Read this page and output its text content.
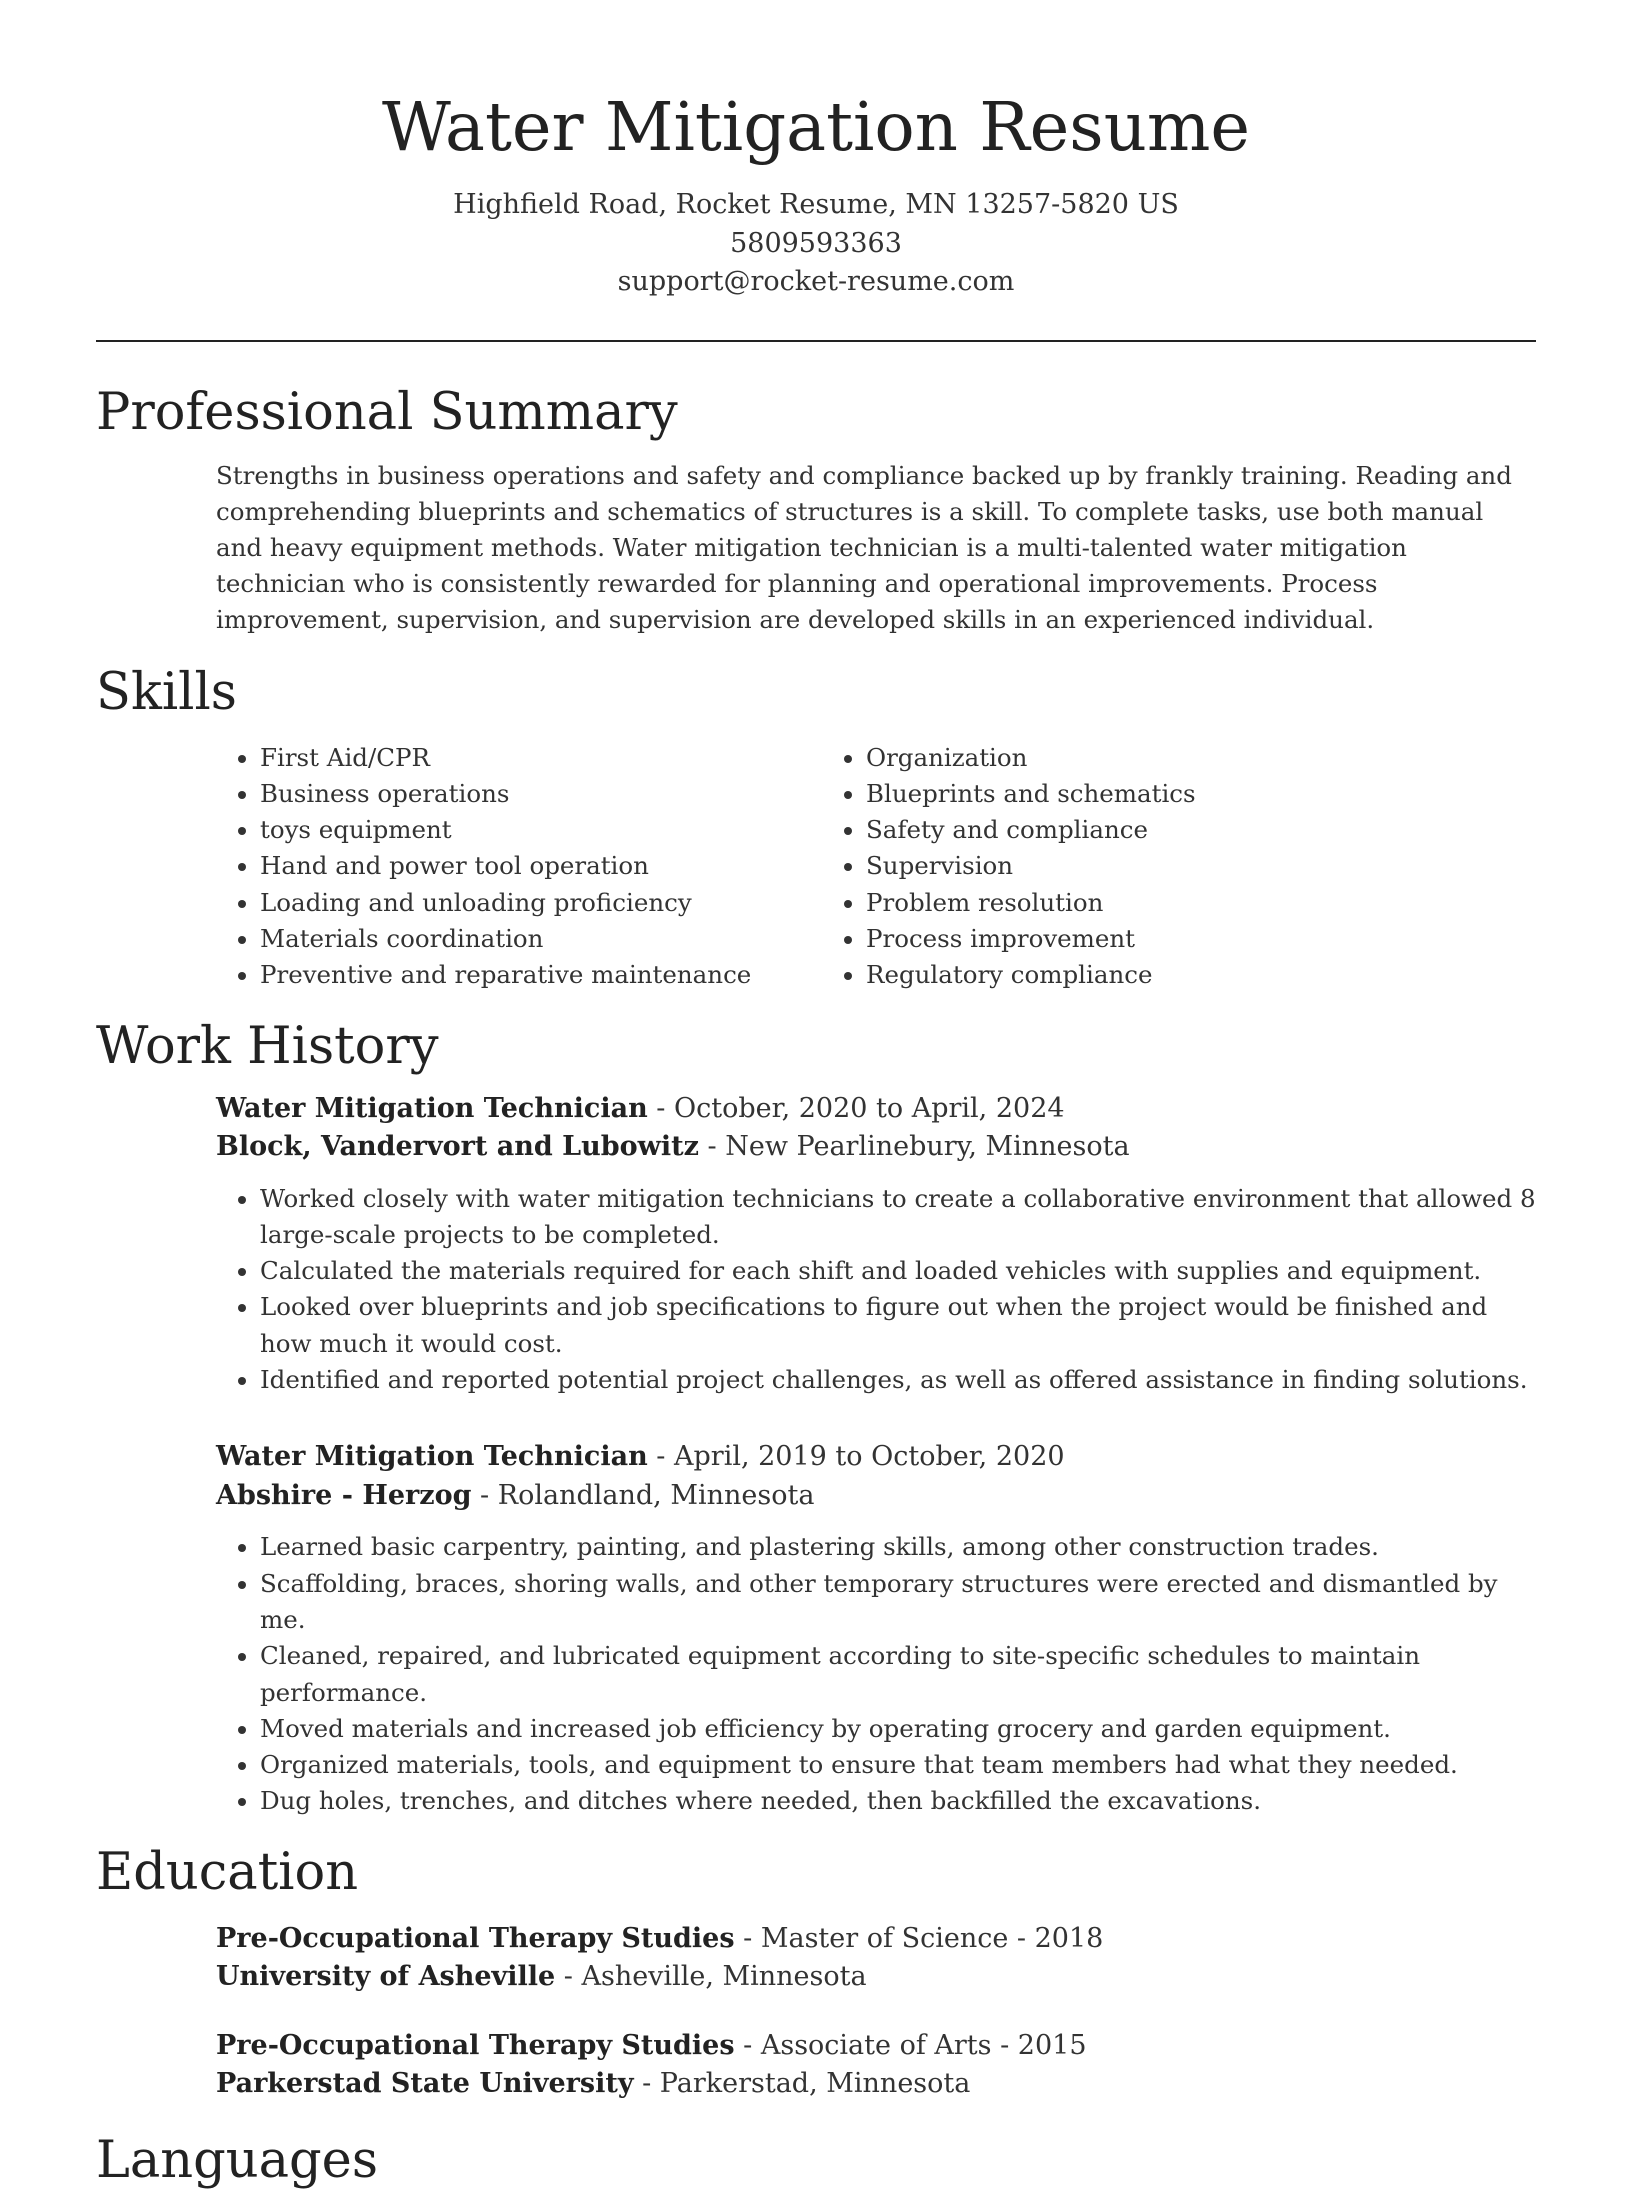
Water Mitigation Resume
Highfield Road, Rocket Resume, MN 13257-5820 US
5809593363
support@rocket-resume.com
Professional Summary

Strengths in business operations and safety and compliance backed up by frankly training. Reading and comprehending blueprints and schematics of structures is a skill. To complete tasks, use both manual and heavy equipment methods. Water mitigation technician is a multi-talented water mitigation technician who is consistently rewarded for planning and operational improvements. Process improvement, supervision, and supervision are developed skills in an experienced individual.

Skills
• First Aid/CPR
• Business operations
• toys equipment
• Hand and power tool operation
• Loading and unloading proficiency
• Materials coordination
• Preventive and reparative maintenance
• Organization
• Blueprints and schematics
• Safety and compliance
• Supervision
• Problem resolution
• Process improvement
• Regulatory compliance
Work History
Water Mitigation Technician - October, 2020 to April, 2024
Block, Vandervort and Lubowitz - New Pearlinebury, Minnesota
• Worked closely with water mitigation technicians to create a collaborative environment that allowed 8 large-scale projects to be completed.
• Calculated the materials required for each shift and loaded vehicles with supplies and equipment.
• Looked over blueprints and job specifications to figure out when the project would be finished and how much it would cost.
• Identified and reported potential project challenges, as well as offered assistance in finding solutions.
Water Mitigation Technician - April, 2019 to October, 2020
Abshire - Herzog - Rolandland, Minnesota
• Learned basic carpentry, painting, and plastering skills, among other construction trades.
• Scaffolding, braces, shoring walls, and other temporary structures were erected and dismantled by me.
• Cleaned, repaired, and lubricated equipment according to site-specific schedules to maintain performance.
• Moved materials and increased job efficiency by operating grocery and garden equipment.
• Organized materials, tools, and equipment to ensure that team members had what they needed.
• Dug holes, trenches, and ditches where needed, then backfilled the excavations.
Education
Pre-Occupational Therapy Studies - Master of Science - 2018
University of Asheville - Asheville, Minnesota
Pre-Occupational Therapy Studies - Associate of Arts - 2015
Parkerstad State University - Parkerstad, Minnesota
Languages
